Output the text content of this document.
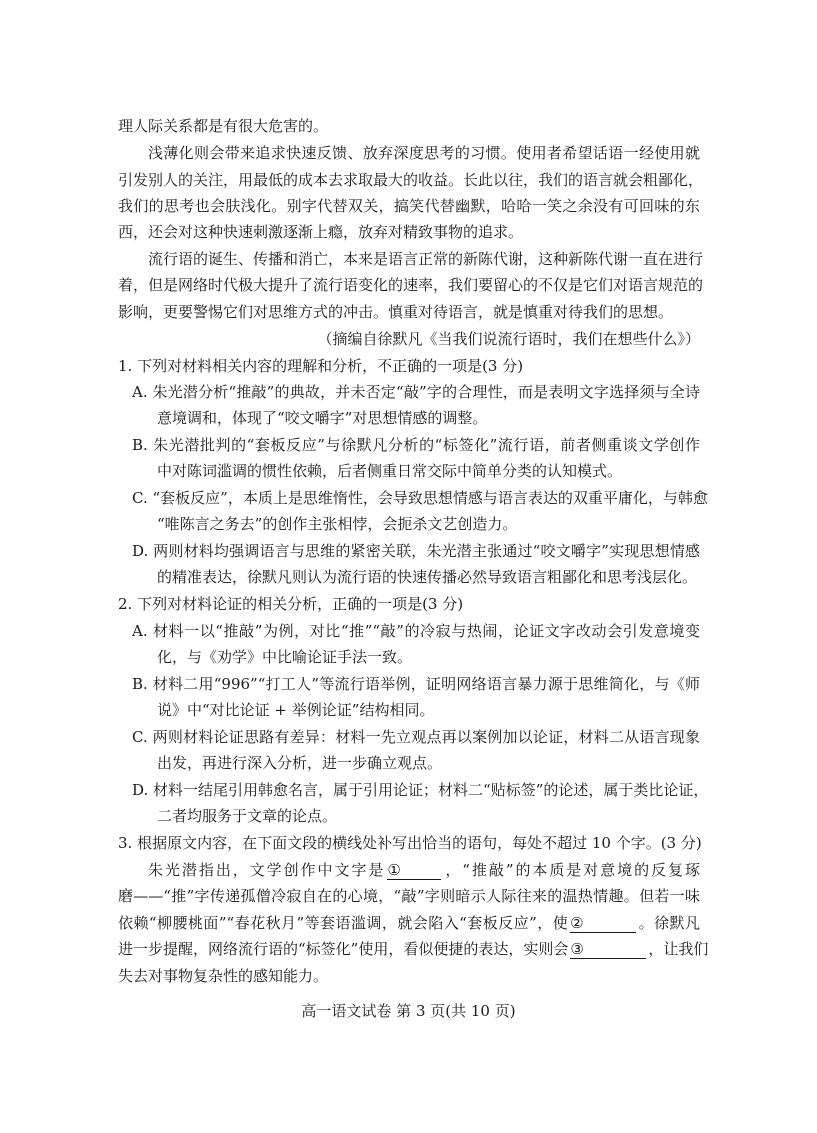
理人际关系都是有很大危害的。
浅薄化则会带来追求快速反馈、放弃深度思考的习惯。使用者希望话语一经使用就
引发别人的关注，用最低的成本去求取最大的收益。长此以往，我们的语言就会粗鄙化，
我们的思考也会肤浅化。别字代替双关，搞笑代替幽默，哈哈一笑之余没有可回味的东
西，还会对这种快速刺激逐渐上瘾，放弃对精致事物的追求。
流行语的诞生、传播和消亡，本来是语言正常的新陈代谢，这种新陈代谢一直在进行
着，但是网络时代极大提升了流行语变化的速率，我们要留心的不仅是它们对语言规范的
影响，更要警惕它们对思维方式的冲击。慎重对待语言，就是慎重对待我们的思想。
（摘编自徐默凡《当我们说流行语时，我们在想些什么》）
1. 下列对材料相关内容的理解和分析，不正确的一项是(3 分)
A. 朱光潜分析“推敲”的典故，并未否定“敲”字的合理性，而是表明文字选择须与全诗
意境调和，体现了“咬文嚼字”对思想情感的调整。
B. 朱光潜批判的“套板反应”与徐默凡分析的“标签化”流行语，前者侧重谈文学创作
中对陈词滥调的惯性依赖，后者侧重日常交际中简单分类的认知模式。
C. “套板反应”，本质上是思维惰性，会导致思想情感与语言表达的双重平庸化，与韩愈
“唯陈言之务去”的创作主张相悖，会扼杀文艺创造力。
D. 两则材料均强调语言与思维的紧密关联，朱光潜主张通过“咬文嚼字”实现思想情感
的精准表达，徐默凡则认为流行语的快速传播必然导致语言粗鄙化和思考浅层化。
2. 下列对材料论证的相关分析，正确的一项是(3 分)
A. 材料一以“推敲”为例，对比“推”“敲”的冷寂与热闹，论证文字改动会引发意境变
化，与《劝学》中比喻论证手法一致。
B. 材料二用“996”“打工人”等流行语举例，证明网络语言暴力源于思维简化，与《师
说》中“对比论证 + 举例论证”结构相同。
C. 两则材料论证思路有差异：材料一先立观点再以案例加以论证，材料二从语言现象
出发，再进行深入分析，进一步确立观点。
D. 材料一结尾引用韩愈名言，属于引用论证；材料二“贴标签”的论述，属于类比论证，
二者均服务于文章的论点。
3. 根据原文内容，在下面文段的横线处补写出恰当的语句，每处不超过 10 个字。(3 分)
朱光潜指出，文学创作中文字是 ①	，“推敲”的本质是对意境的反复琢
磨——“推”字传递孤僧冷寂自在的心境，“敲”字则暗示人际往来的温热情趣。但若一味
依赖“柳腰桃面”“春花秋月”等套语滥调，就会陷入“套板反应”，使 ②	。徐默凡
进一步提醒，网络流行语的“标签化”使用，看似便捷的表达，实则会 ③	，让我们
失去对事物复杂性的感知能力。
高一语文试卷 第 3 页(共 10 页)
